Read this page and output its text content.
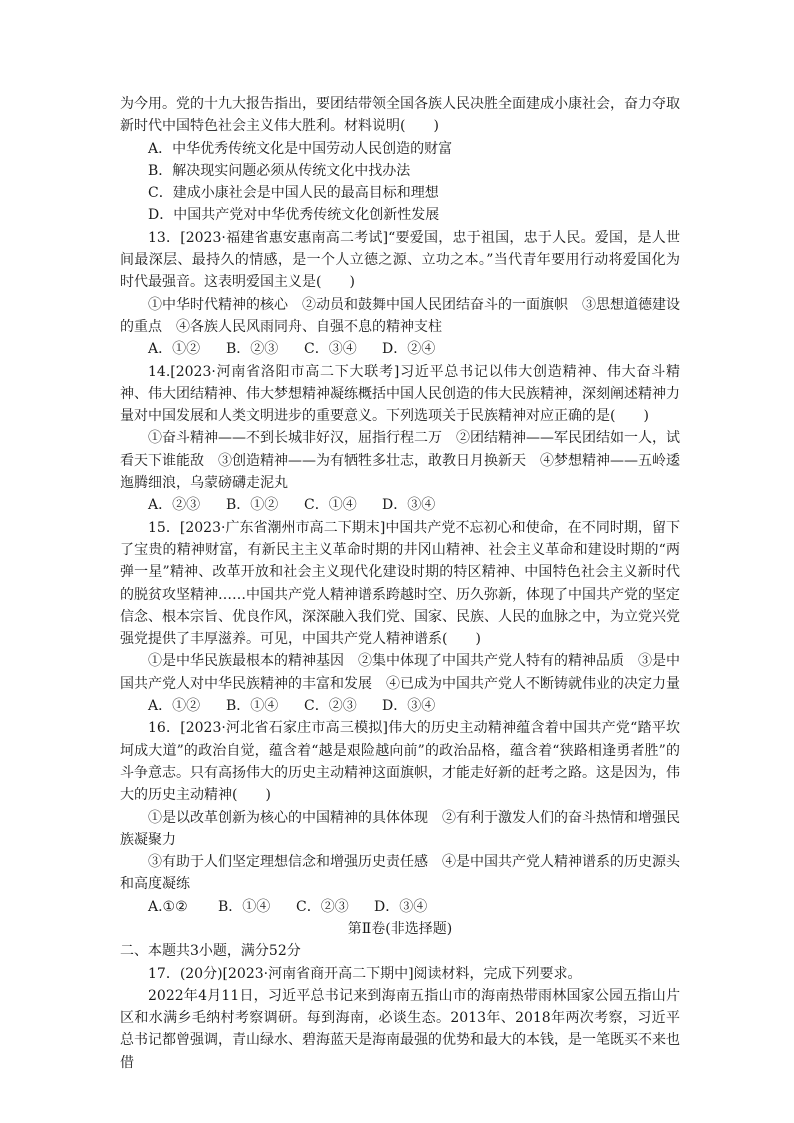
为今用。党的十九大报告指出，要团结带领全国各族人民决胜全面建成小康社会，奋力夺取新时代中国特色社会主义伟大胜利。材料说明(　　)

A．中华优秀传统文化是中国劳动人民创造的财富

B．解决现实问题必须从传统文化中找办法

C．建成小康社会是中国人民的最高目标和理想

D．中国共产党对中华优秀传统文化创新性发展

13．[2023·福建省惠安惠南高二考试]“要爱国，忠于祖国，忠于人民。爱国，是人世间最深层、最持久的情感，是一个人立德之源、立功之本。”当代青年要用行动将爱国化为时代最强音。这表明爱国主义是(　　)

①中华时代精神的核心　②动员和鼓舞中国人民团结奋斗的一面旗帜　③思想道德建设的重点　④各族人民风雨同舟、自强不息的精神支柱

A．①② B．②③ C．③④ D．②④

14.[2023·河南省洛阳市高二下大联考]习近平总书记以伟大创造精神、伟大奋斗精神、伟大团结精神、伟大梦想精神凝练概括中国人民创造的伟大民族精神，深刻阐述精神力量对中国发展和人类文明进步的重要意义。下列选项关于民族精神对应正确的是(　　)

①奋斗精神——不到长城非好汉，屈指行程二万　②团结精神——军民团结如一人，试看天下谁能敌　③创造精神——为有牺牲多壮志，敢教日月换新天　④梦想精神——五岭逶迤腾细浪，乌蒙磅礴走泥丸

A．②③ B．①② C．①④ D．③④

15．[2023·广东省潮州市高二下期末]中国共产党不忘初心和使命，在不同时期，留下了宝贵的精神财富，有新民主主义革命时期的井冈山精神、社会主义革命和建设时期的“两弹一星”精神、改革开放和社会主义现代化建设时期的特区精神、中国特色社会主义新时代的脱贫攻坚精神……中国共产党人精神谱系跨越时空、历久弥新，体现了中国共产党的坚定信念、根本宗旨、优良作风，深深融入我们党、国家、民族、人民的血脉之中，为立党兴党强党提供了丰厚滋养。可见，中国共产党人精神谱系(　　)

①是中华民族最根本的精神基因　②集中体现了中国共产党人特有的精神品质　③是中国共产党人对中华民族精神的丰富和发展　④已成为中国共产党人不断铸就伟业的决定力量

A．①② B．①④ C．②③ D．③④

16．[2023·河北省石家庄市高三模拟]伟大的历史主动精神蕴含着中国共产党“踏平坎坷成大道”的政治自觉，蕴含着“越是艰险越向前”的政治品格，蕴含着“狭路相逢勇者胜”的斗争意志。只有高扬伟大的历史主动精神这面旗帜，才能走好新的赶考之路。这是因为，伟大的历史主动精神(　　)

①是以改革创新为核心的中国精神的具体体现　②有利于激发人们的奋斗热情和增强民族凝聚力

③有助于人们坚定理想信念和增强历史责任感　④是中国共产党人精神谱系的历史源头和高度凝练

A.①② B．①④ C．②③ D．③④

第Ⅱ卷(非选择题)

二、本题共3小题，满分52分

17．(20分)[2023·河南省商开高二下期中]阅读材料，完成下列要求。

2022年4月11日，习近平总书记来到海南五指山市的海南热带雨林国家公园五指山片区和水满乡毛纳村考察调研。每到海南，必谈生态。2013年、2018年两次考察，习近平总书记都曾强调，青山绿水、碧海蓝天是海南最强的优势和最大的本钱，是一笔既买不来也借
